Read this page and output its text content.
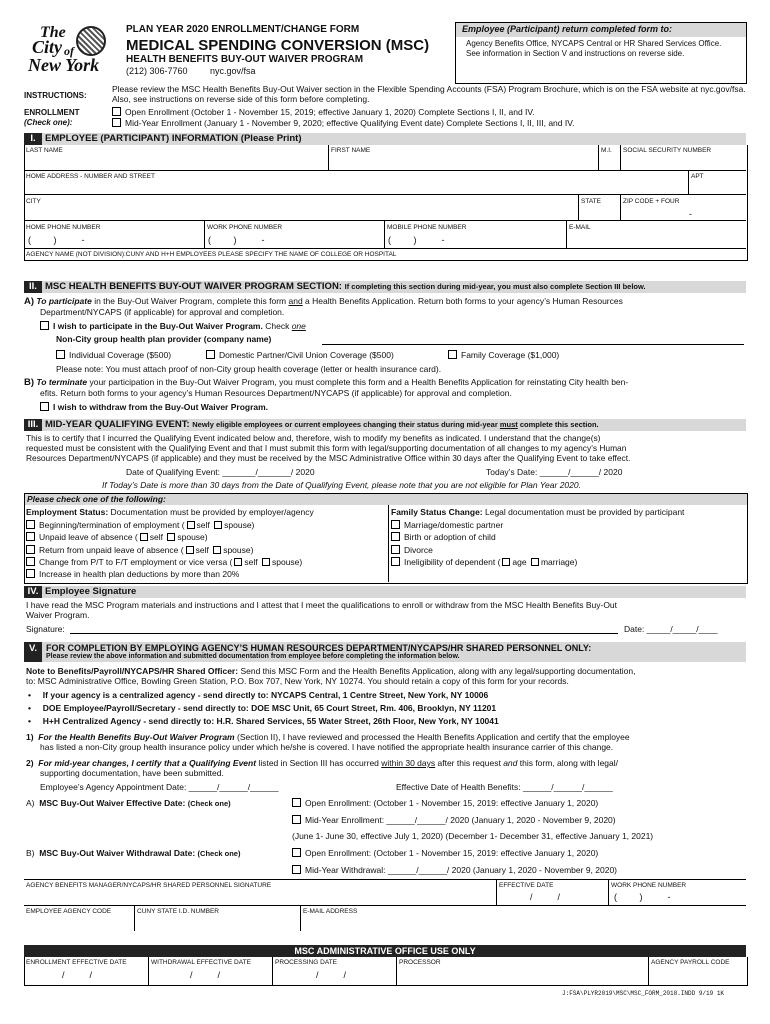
The
City of
New York
PLAN YEAR 2020 ENROLLMENT/CHANGE FORM
MEDICAL SPENDING CONVERSION (MSC)
HEALTH BENEFITS BUY-OUT WAIVER PROGRAM
(212) 306-7760 nyc.gov/fsa
Employee (Participant) return completed form to:
Agency Benefits Office, NYCAPS Central or HR Shared Services Office. See information in Section V and instructions on reverse side.
INSTRUCTIONS:
Please review the MSC Health Benefits Buy-Out Waiver section in the Flexible Spending Accounts (FSA) Program Brochure, which is on the FSA website at nyc.gov/fsa. Also, see instructions on reverse side of this form before completing.
ENROLLMENT
(Check one):
Open Enrollment (October 1 - November 15, 2019; effective January 1, 2020) Complete Sections I, II, and IV.
Mid-Year Enrollment (January 1 - November 9, 2020; effective Qualifying Event date) Complete Sections I, II, III, and IV.
I. EMPLOYEE (PARTICIPANT) INFORMATION (Please Print)
LAST NAME	FIRST NAME	M.I. SOCIAL SECURITY NUMBER
HOME ADDRESS - NUMBER AND STREET	APT
CITY	STATE	ZIP CODE + FOUR
-
HOME PHONE NUMBER	WORK PHONE NUMBER	MOBILE PHONE NUMBER	E-MAIL
(         )          -	(         )          -	(         )          -
AGENCY NAME (NOT DIVISION):CUNY AND H+H EMPLOYEES PLEASE SPECIFY THE NAME OF COLLEGE OR HOSPITAL
II. MSC HEALTH BENEFITS BUY-OUT WAIVER PROGRAM SECTION: If completing this section during mid-year, you must also complete Section III below.
A) To participate in the Buy-Out Waiver Program, complete this form and a Health Benefits Application. Return both forms to your agency’s Human Resources
Department/NYCAPS (if applicable) for approval and completion.
I wish to participate in the Buy-Out Waiver Program. Check one
Non-City group health plan provider (company name)
Individual Coverage ($500)	Domestic Partner/Civil Union Coverage ($500)	Family Coverage ($1,000)
Please note: You must attach proof of non-City group health coverage (letter or health insurance card).
B) To terminate your participation in the Buy-Out Waiver Program, you must complete this form and a Health Benefits Application for reinstating City health ben-
efits. Return both forms to your agency’s Human Resources Department/NYCAPS (if applicable) for approval and completion.
I wish to withdraw from the Buy-Out Waiver Program.
III. MID-YEAR QUALIFYING EVENT: Newly eligible employees or current employees changing their status during mid-year must complete this section.
This is to certify that I incurred the Qualifying Event indicated below and, therefore, wish to modify my benefits as indicated. I understand that the change(s)
requested must be consistent with the Qualifying Event and that I must submit this form with legal/supporting documentation of all changes to my agency’s Human
Resources Department/NYCAPS (if applicable) and they must be received by the MSC Administrative Office within 30 days after the Qualifying Event to take effect.
Date of Qualifying Event: _______/_______/ 2020	Today’s Date: ______/______/ 2020
If Today’s Date is more than 30 days from the Date of Qualifying Event, please note that you are not eligible for Plan Year 2020.
Please check one of the following:
Employment Status: Documentation must be provided by employer/agency	Family Status Change: Legal documentation must be provided by participant
Beginning/termination of employment ( self spouse)
Unpaid leave of absence ( self spouse)
Return from unpaid leave of absence ( self spouse)
Change from P/T to F/T employment or vice versa ( self spouse)
Increase in health plan deductions by more than 20%
Marriage/domestic partner
Birth or adoption of child
Divorce
Ineligibility of dependent ( age marriage)
IV. Employee Signature
I have read the MSC Program materials and instructions and I attest that I meet the qualifications to enroll or withdraw from the MSC Health Benefits Buy-Out
Waiver Program.
Signature:	Date: _____/_____/____
V. FOR COMPLETION BY EMPLOYING AGENCY’S HUMAN RESOURCES DEPARTMENT/NYCAPS/HR SHARED PERSONNEL ONLY:
Please review the above information and submitted documentation from employee before completing the information below.
Note to Benefits/Payroll/NYCAPS/HR Shared Officer: Send this MSC Form and the Health Benefits Application, along with any legal/supporting documentation,
to: MSC Administrative Office, Bowling Green Station, P.O. Box 707, New York, NY 10274. You should retain a copy of this form for your records.
•     If your agency is a centralized agency - send directly to: NYCAPS Central, 1 Centre Street, New York, NY 10006
•     DOE Employee/Payroll/Secretary - send directly to: DOE MSC Unit, 65 Court Street, Rm. 406, Brooklyn, NY 11201
•     H+H Centralized Agency - send directly to: H.R. Shared Services, 55 Water Street, 26th Floor, New York, NY 10041
1) For the Health Benefits Buy-Out Waiver Program (Section II), I have reviewed and processed the Health Benefits Application and certify that the employee
has listed a non-City group health insurance policy under which he/she is covered. I have notified the appropriate health insurance carrier of this change.
2) For mid-year changes, I certify that a Qualifying Event listed in Section III has occurred within 30 days after this request and this form, along with legal/
supporting documentation, have been submitted.
Employee’s Agency Appointment Date: ______/______/______	Effective Date of Health Benefits: ______/______/______
A) MSC Buy-Out Waiver Effective Date: (Check one)	Open Enrollment: (October 1 - November 15, 2019: effective January 1, 2020)
Mid-Year Enrollment: ______/______/ 2020 (January 1, 2020 - November 9, 2020)
(June 1- June 30, effective July 1, 2020) (December 1- December 31, effective January 1, 2021)
B) MSC Buy-Out Waiver Withdrawal Date: (Check one)	Open Enrollment: (October 1 - November 15, 2019: effective January 1, 2020)
Mid-Year Withdrawal: ______/______/ 2020 (January 1, 2020 - November 9, 2020)
AGENCY BENEFITS MANAGER/NYCAPS/HR SHARED PERSONNEL SIGNATURE	EFFECTIVE DATE	WORK PHONE NUMBER
/          /	(         )          -
EMPLOYEE AGENCY CODE	CUNY STATE I.D. NUMBER	E-MAIL ADDRESS
MSC ADMINISTRATIVE OFFICE USE ONLY
ENROLLMENT EFFECTIVE DATE	WITHDRAWAL EFFECTIVE DATE	PROCESSING DATE	PROCESSOR	AGENCY PAYROLL CODE
/          /	/          /	/          /
J:FSA\PLYR2019\MSC\MSC_FORM_2018.INDD 9/19 1K
